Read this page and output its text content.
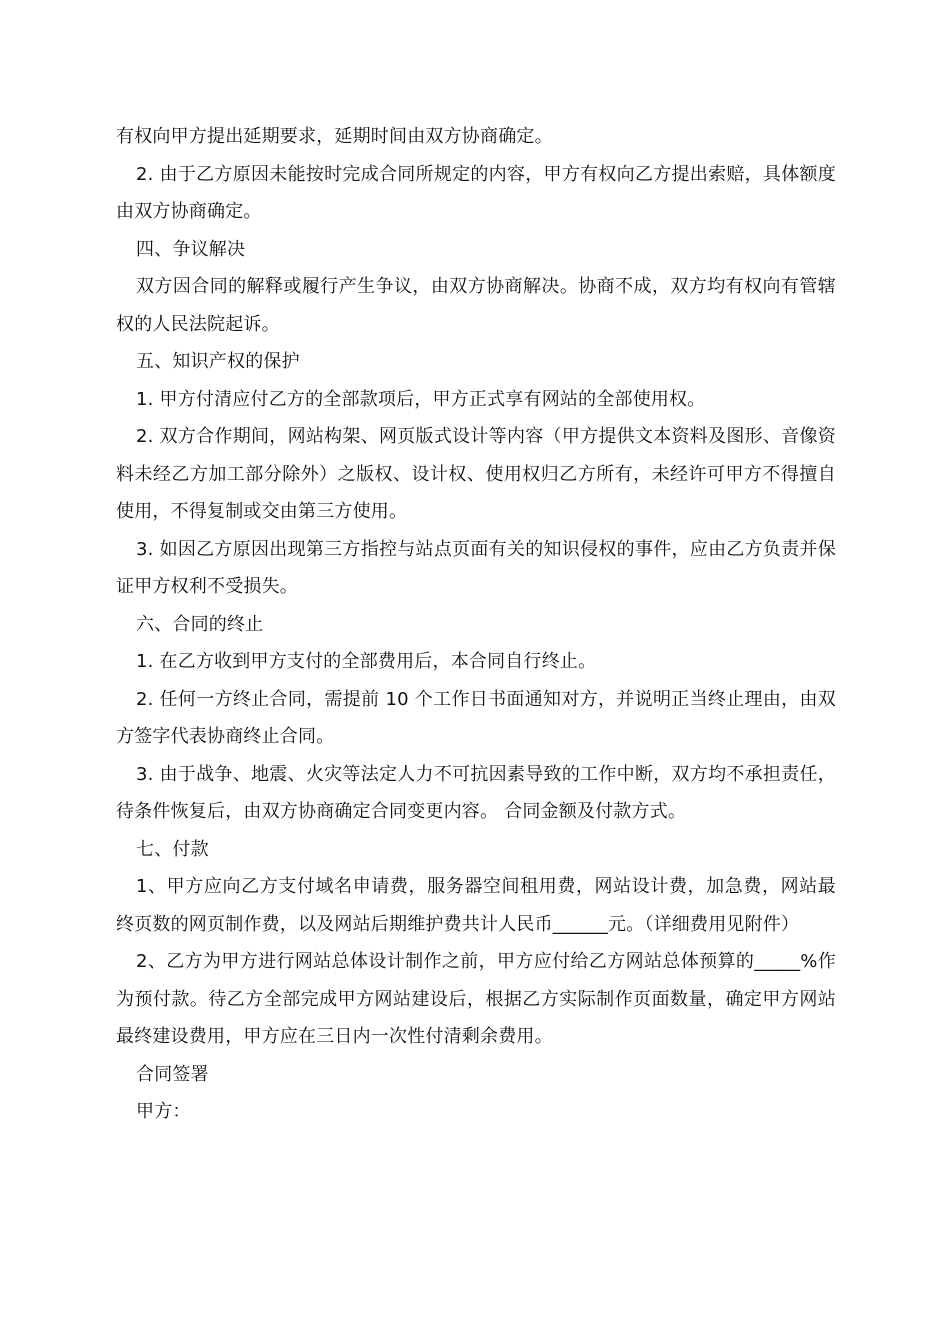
有权向甲方提出延期要求，延期时间由双方协商确定。

2. 由于乙方原因未能按时完成合同所规定的内容，甲方有权向乙方提出索赔，具体额度由双方协商确定。

四、争议解决

双方因合同的解释或履行产生争议，由双方协商解决。协商不成，双方均有权向有管辖权的人民法院起诉。

五、知识产权的保护

1. 甲方付清应付乙方的全部款项后，甲方正式享有网站的全部使用权。

2. 双方合作期间，网站构架、网页版式设计等内容（甲方提供文本资料及图形、音像资料未经乙方加工部分除外）之版权、设计权、使用权归乙方所有，未经许可甲方不得擅自使用，不得复制或交由第三方使用。

3. 如因乙方原因出现第三方指控与站点页面有关的知识侵权的事件，应由乙方负责并保证甲方权利不受损失。

六、合同的终止

1. 在乙方收到甲方支付的全部费用后，本合同自行终止。

2. 任何一方终止合同，需提前 10 个工作日书面通知对方，并说明正当终止理由，由双方签字代表协商终止合同。

3. 由于战争、地震、火灾等法定人力不可抗因素导致的工作中断，双方均不承担责任，待条件恢复后，由双方协商确定合同变更内容。 合同金额及付款方式。

七、付款

1、甲方应向乙方支付域名申请费，服务器空间租用费，网站设计费，加急费，网站最终页数的网页制作费，以及网站后期维护费共计人民币______元。（详细费用见附件）

2、乙方为甲方进行网站总体设计制作之前，甲方应付给乙方网站总体预算的_____%作为预付款。待乙方全部完成甲方网站建设后，根据乙方实际制作页面数量，确定甲方网站最终建设费用，甲方应在三日内一次性付清剩余费用。

合同签署

甲方：
